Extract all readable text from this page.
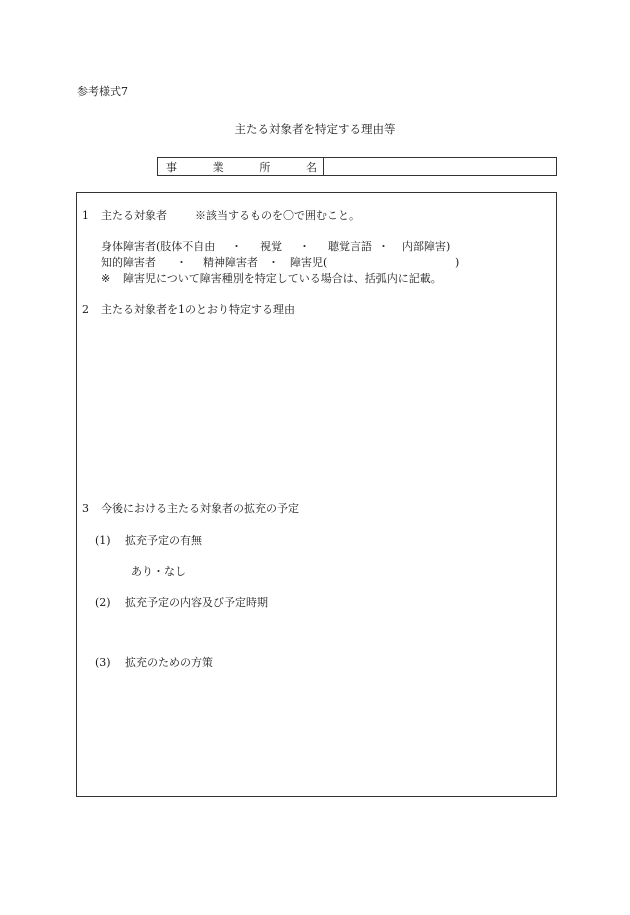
参考様式7
主たる対象者を特定する理由等
事	業	所	名
1 主たる対象者	※該当するものを〇で囲むこと。
身体障害者(肢体不自由 ・ 視覚 ・ 聴覚言語 ・ 内部障害)
知的障害者 ・ 精神障害者 ・ 障害児(	)
※ 障害児について障害種別を特定している場合は、括弧内に記載。
2 主たる対象者を1のとおり特定する理由
3 今後における主たる対象者の拡充の予定
(1) 拡充予定の有無
あり・なし
(2) 拡充予定の内容及び予定時期
(3) 拡充のための方策
